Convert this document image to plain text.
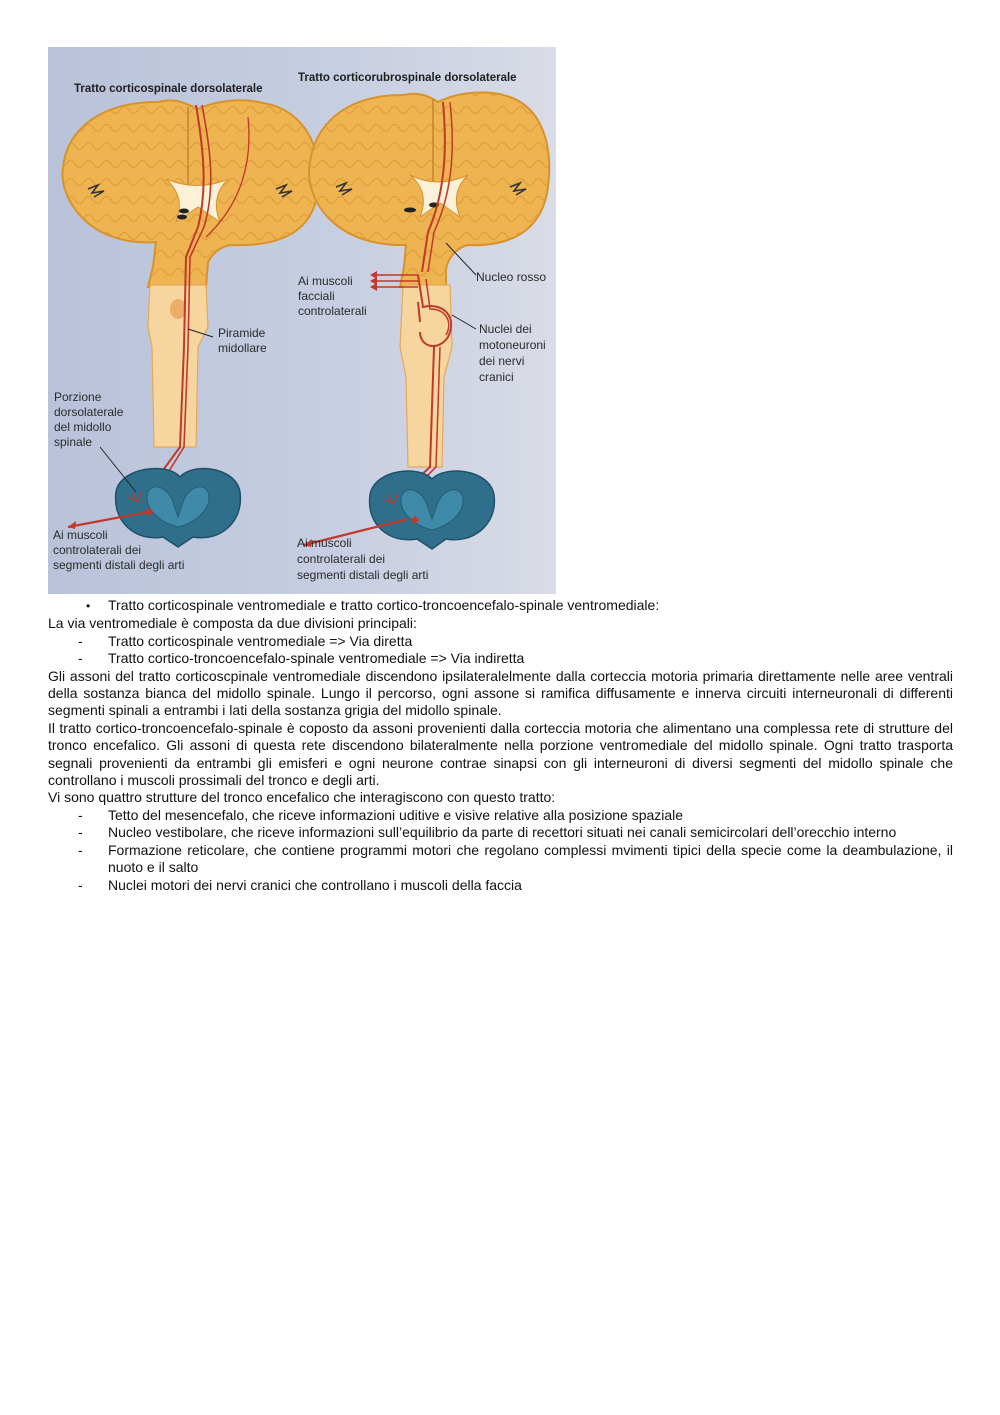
Tratto corticospinale dorsolaterale
Tratto corticorubrospinale dorsolaterale
Piramide midollare
Porzione dorsolaterale del midollo spinale
Ai muscoli controlaterali dei segmenti distali degli arti
Ai muscoli facciali controlaterali
Nucleo rosso
Nuclei dei motoneuroni dei nervi cranici
Ai muscoli controlaterali dei segmenti distali degli arti
•	Tratto corticospinale ventromediale e tratto cortico-troncoencefalo-spinale ventromediale:

La via ventromediale è composta da due divisioni principali:

-	Tratto corticospinale ventromediale => Via diretta
-	Tratto cortico-troncoencefalo-spinale ventromediale => Via indiretta

Gli assoni del tratto corticoscpinale ventromediale discendono ipsilateralelmente dalla corteccia motoria primaria direttamente nelle aree ventrali della sostanza bianca del midollo spinale. Lungo il percorso, ogni assone si ramifica diffusamente e innerva circuiti interneuronali di differenti segmenti spinali a entrambi i lati della sostanza grigia del midollo spinale.

Il tratto cortico-troncoencefalo-spinale è coposto da assoni provenienti dalla corteccia motoria che alimentano una complessa rete di strutture del tronco encefalico. Gli assoni di questa rete discendono bilateralmente nella porzione ventromediale del midollo spinale. Ogni tratto trasporta segnali provenienti da entrambi gli emisferi e ogni neurone contrae sinapsi con gli interneuroni di diversi segmenti del midollo spinale che controllano i muscoli prossimali del tronco e degli arti.

Vi sono quattro strutture del tronco encefalico che interagiscono con questo tratto:

-	Tetto del mesencefalo, che riceve informazioni uditive e visive relative alla posizione spaziale
-	Nucleo vestibolare, che riceve informazioni sull’equilibrio da parte di recettori situati nei canali semicircolari dell’orecchio interno
-	Formazione reticolare, che contiene programmi motori che regolano complessi mvimenti tipici della specie come la deambulazione, il nuoto e il salto
-	Nuclei motori dei nervi cranici che controllano i muscoli della faccia
